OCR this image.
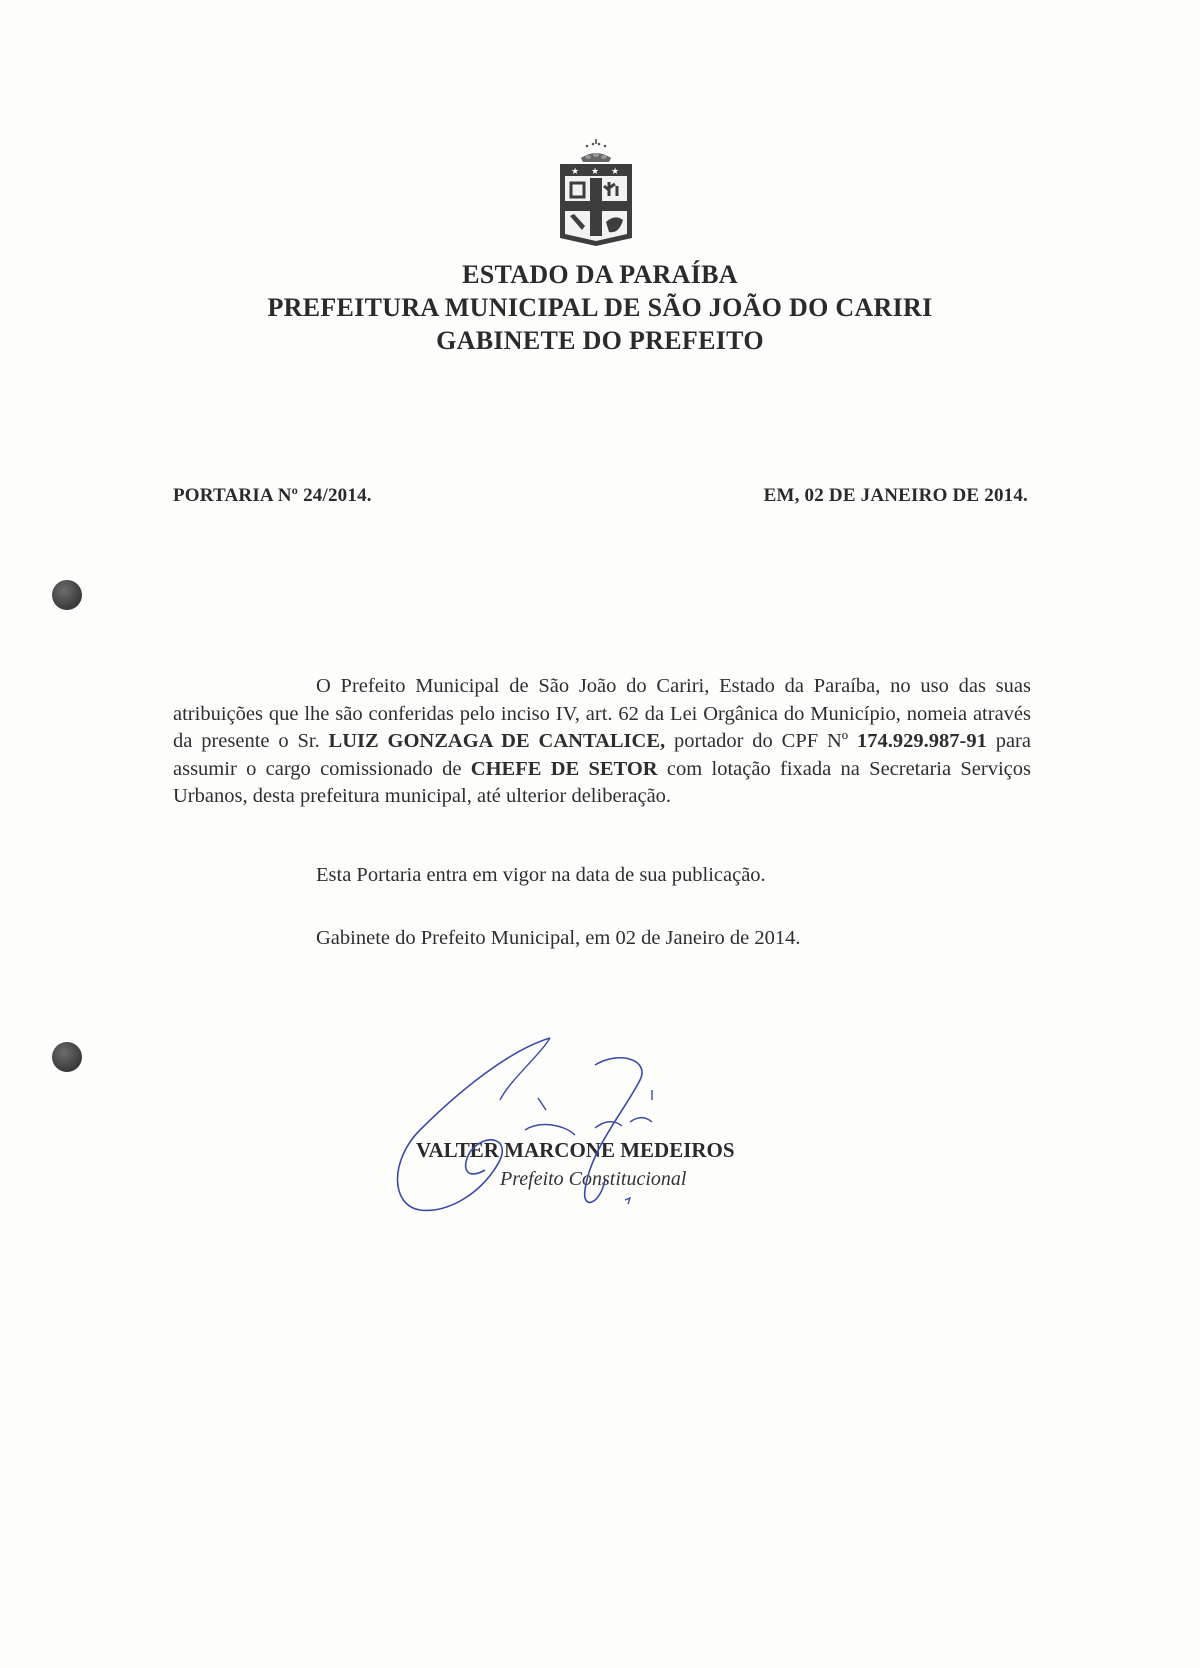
★ ★ ★
ESTADO DA PARAÍBA
PREFEITURA MUNICIPAL DE SÃO JOÃO DO CARIRI
GABINETE DO PREFEITO
PORTARIA Nº 24/2014.	EM, 02 DE JANEIRO DE 2014.
O Prefeito Municipal de São João do Cariri, Estado da Paraíba, no uso das suas atribuições que lhe são conferidas pelo inciso IV, art. 62 da Lei Orgânica do Município, nomeia através da presente o Sr. LUIZ GONZAGA DE CANTALICE, portador do CPF Nº 174.929.987-91 para assumir o cargo comissionado de CHEFE DE SETOR com lotação fixada na Secretaria Serviços Urbanos, desta prefeitura municipal, até ulterior deliberação.
Esta Portaria entra em vigor na data de sua publicação.
Gabinete do Prefeito Municipal, em 02 de Janeiro de 2014.
VALTER MARCONE MEDEIROS
Prefeito Constitucional
